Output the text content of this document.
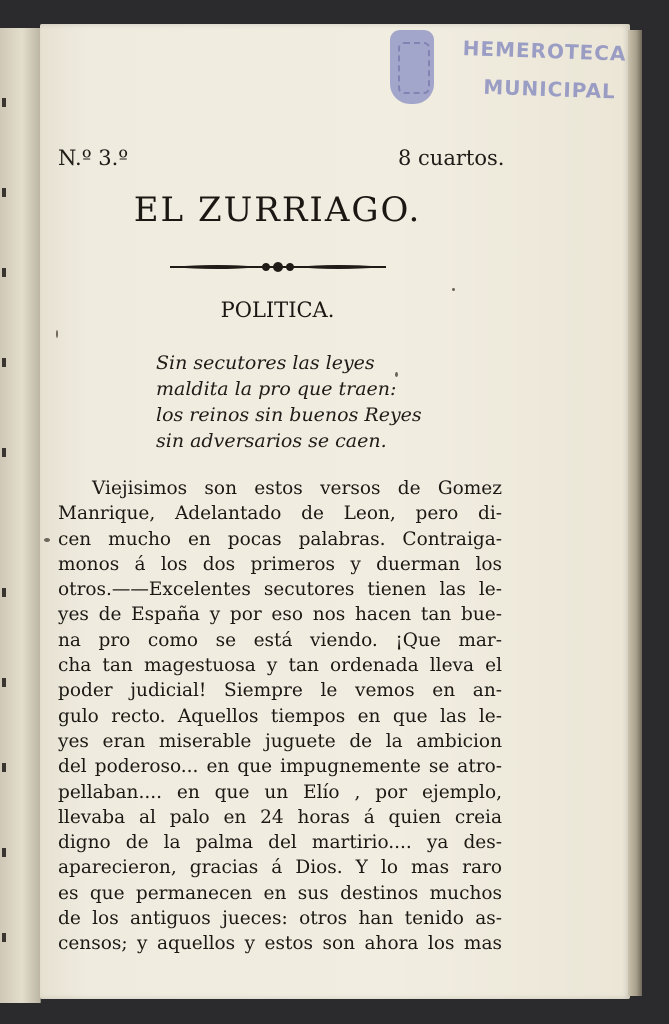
HEMEROTECA
MUNICIPAL
N.º 3.º	8 cuartos.
EL ZURRIAGO.
POLITICA.
Sin secutores las leyes
maldita la pro que traen:
los reinos sin buenos Reyes
sin adversarios se caen.
Viejisimos son estos versos de Gomez
Manrique, Adelantado de Leon, pero di-
cen mucho en pocas palabras. Contraiga-
monos á los dos primeros y duerman los
otros.——Excelentes secutores tienen las le-
yes de España y por eso nos hacen tan bue-
na pro como se está viendo. ¡Que mar-
cha tan magestuosa y tan ordenada lleva el
poder judicial! Siempre le vemos en an-
gulo recto. Aquellos tiempos en que las le-
yes eran miserable juguete de la ambicion
del poderoso... en que impugnemente se atro-
pellaban.... en que un Elío , por ejemplo,
llevaba al palo en 24 horas á quien creia
digno de la palma del martirio.... ya des-
aparecieron, gracias á Dios. Y lo mas raro
es que permanecen en sus destinos muchos
de los antiguos jueces: otros han tenido as-
censos; y aquellos y estos son ahora los mas
